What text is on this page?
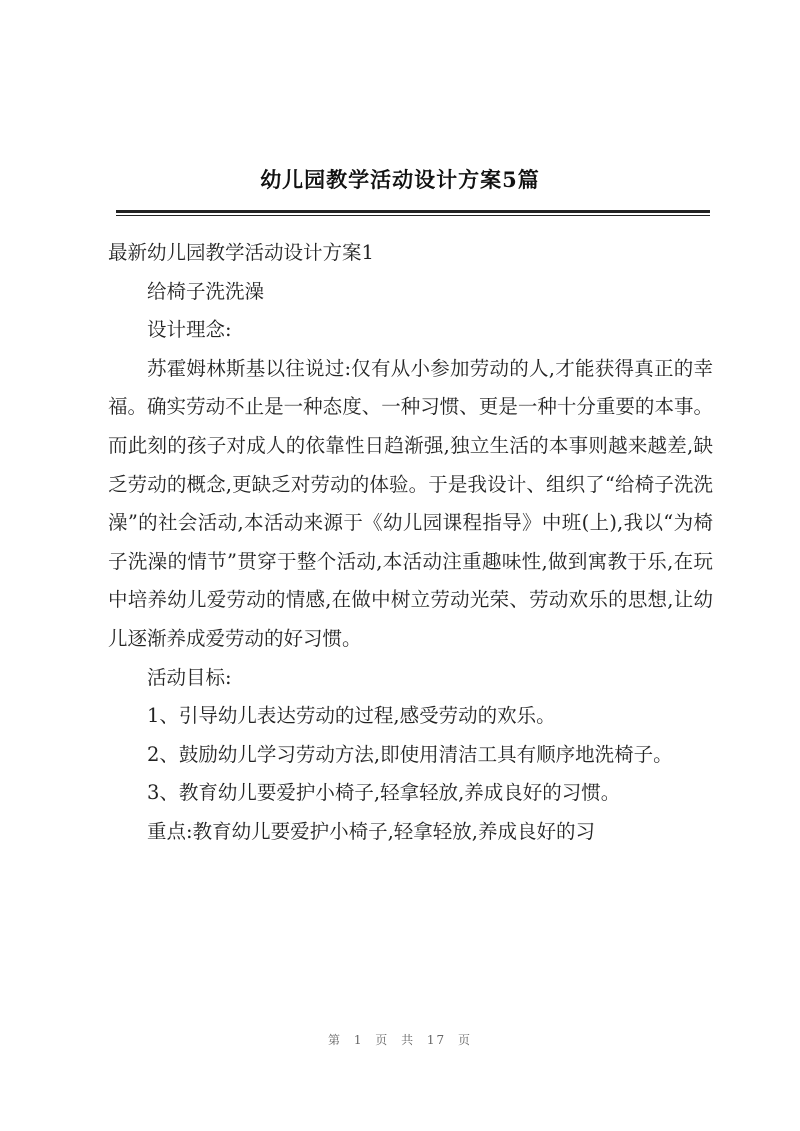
幼儿园教学活动设计方案5篇

最新幼儿园教学活动设计方案1

给椅子洗洗澡

设计理念:

苏霍姆林斯基以往说过:仅有从小参加劳动的人,才能获得真正的幸福。确实劳动不止是一种态度、一种习惯、更是一种十分重要的本事。而此刻的孩子对成人的依靠性日趋渐强,独立生活的本事则越来越差,缺乏劳动的概念,更缺乏对劳动的体验。于是我设计、组织了“给椅子洗洗澡”的社会活动,本活动来源于《幼儿园课程指导》中班(上),我以“为椅子洗澡的情节”贯穿于整个活动,本活动注重趣味性,做到寓教于乐,在玩中培养幼儿爱劳动的情感,在做中树立劳动光荣、劳动欢乐的思想,让幼儿逐渐养成爱劳动的好习惯。

活动目标:

1、引导幼儿表达劳动的过程,感受劳动的欢乐。

2、鼓励幼儿学习劳动方法,即使用清洁工具有顺序地洗椅子。

3、教育幼儿要爱护小椅子,轻拿轻放,养成良好的习惯。

重点:教育幼儿要爱护小椅子,轻拿轻放,养成良好的习

第 1 页 共 17 页
